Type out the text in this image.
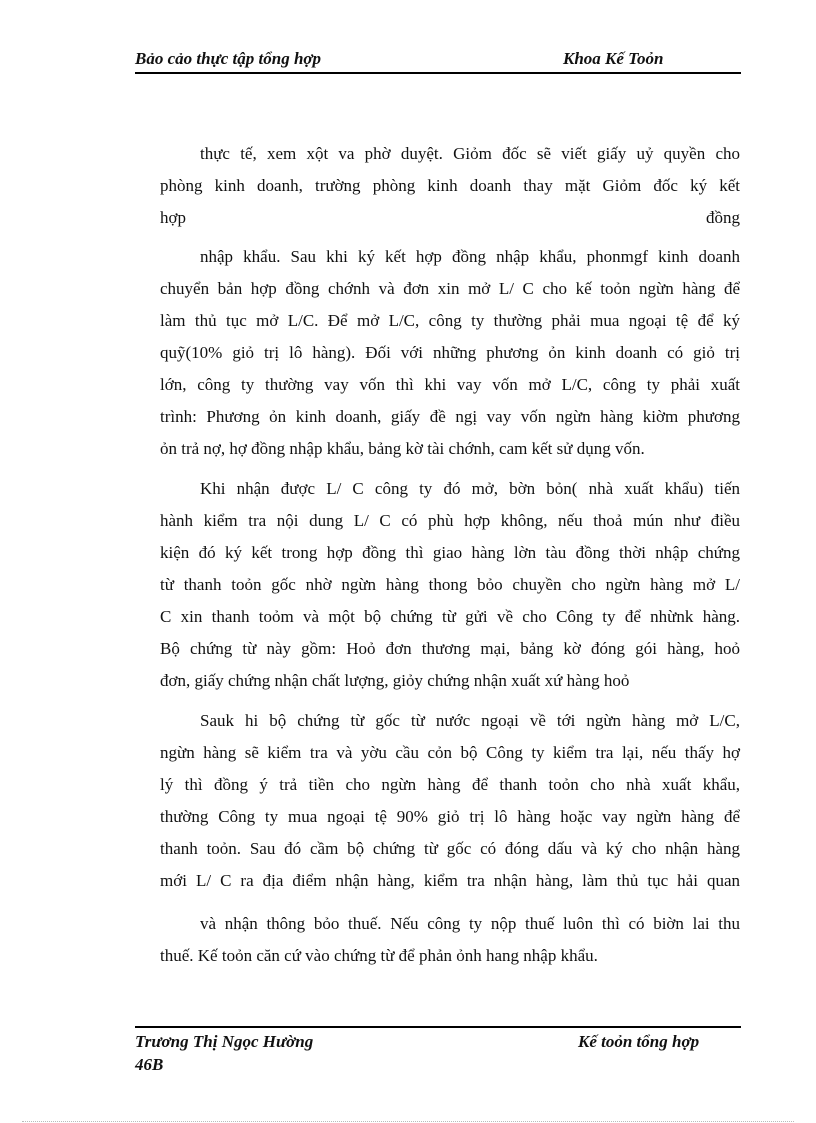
Bảo cảo thực tập tổng hợp	Khoa Kế Toỏn
thực tế, xem xột va phờ duyệt. Giỏm đốc sẽ viết giấy uỷ quyền cho
phòng kinh doanh, trường phòng kinh doanh thay mặt Giỏm đốc ký kết
hợp đồng
nhập khẩu. Sau khi ký kết hợp đồng nhập khẩu, phonmgf kinh doanh
chuyển bản hợp đồng chớnh và đơn xin mở L/ C cho kế toỏn ngừn hàng để
làm thủ tục mở L/C. Để mở L/C, công ty thường phải mua ngoại tệ để ký
quỹ(10% giỏ trị lô hàng). Đối với những phương ỏn kinh doanh có giỏ trị
lớn, công ty thường vay vốn thì khi vay vốn mở L/C, công ty phải xuất
trình: Phương ỏn kinh doanh, giấy đề ngị vay vốn ngừn hàng kiờm phương
ỏn trả nợ, hợ đồng nhập khẩu, bảng kờ tài chớnh, cam kết sử dụng vốn.
Khi nhận được L/ C công ty đó mở, bờn bỏn( nhà xuất khẩu) tiến
hành kiểm tra nội dung L/ C có phù hợp không, nếu thoả mún như điều
kiện đó ký kết trong hợp đồng thì giao hàng lờn tàu đồng thời nhập chứng
từ thanh toỏn gốc nhờ ngừn hàng thong bỏo chuyền cho ngừn hàng mở L/
C xin thanh toỏm và một bộ chứng từ gửi về cho Công ty để nhừnk hàng.
Bộ chứng từ này gồm: Hoỏ đơn thương mại, bảng kờ đóng gói hàng, hoỏ
đơn, giấy chứng nhận chất lượng, giỏy chứng nhận xuất xứ hàng hoỏ
Sauk hi bộ chứng từ gốc từ nước ngoại về tới ngừn hàng mở L/C,
ngừn hàng sẽ kiểm tra và yờu cầu cỏn bộ Công ty kiểm tra lại, nếu thấy hợ
lý thì đồng ý trả tiền cho ngừn hàng để thanh toỏn cho nhà xuất khẩu,
thường Công ty mua ngoại tệ 90% giỏ trị lô hàng hoặc vay ngừn hàng để
thanh toỏn. Sau đó cầm bộ chứng từ gốc có đóng dấu và ký cho nhận hàng
mới L/ C ra địa điểm nhận hàng, kiểm tra nhận hàng, làm thủ tục hải quan
và nhận thông bỏo thuế. Nếu công ty nộp thuế luôn thì có biờn lai thu
thuế. Kế toỏn căn cứ vào chứng từ để phản ỏnh hang nhập khẩu.
Trương Thị Ngọc Hường	Kế toỏn tổng hợp
46B
